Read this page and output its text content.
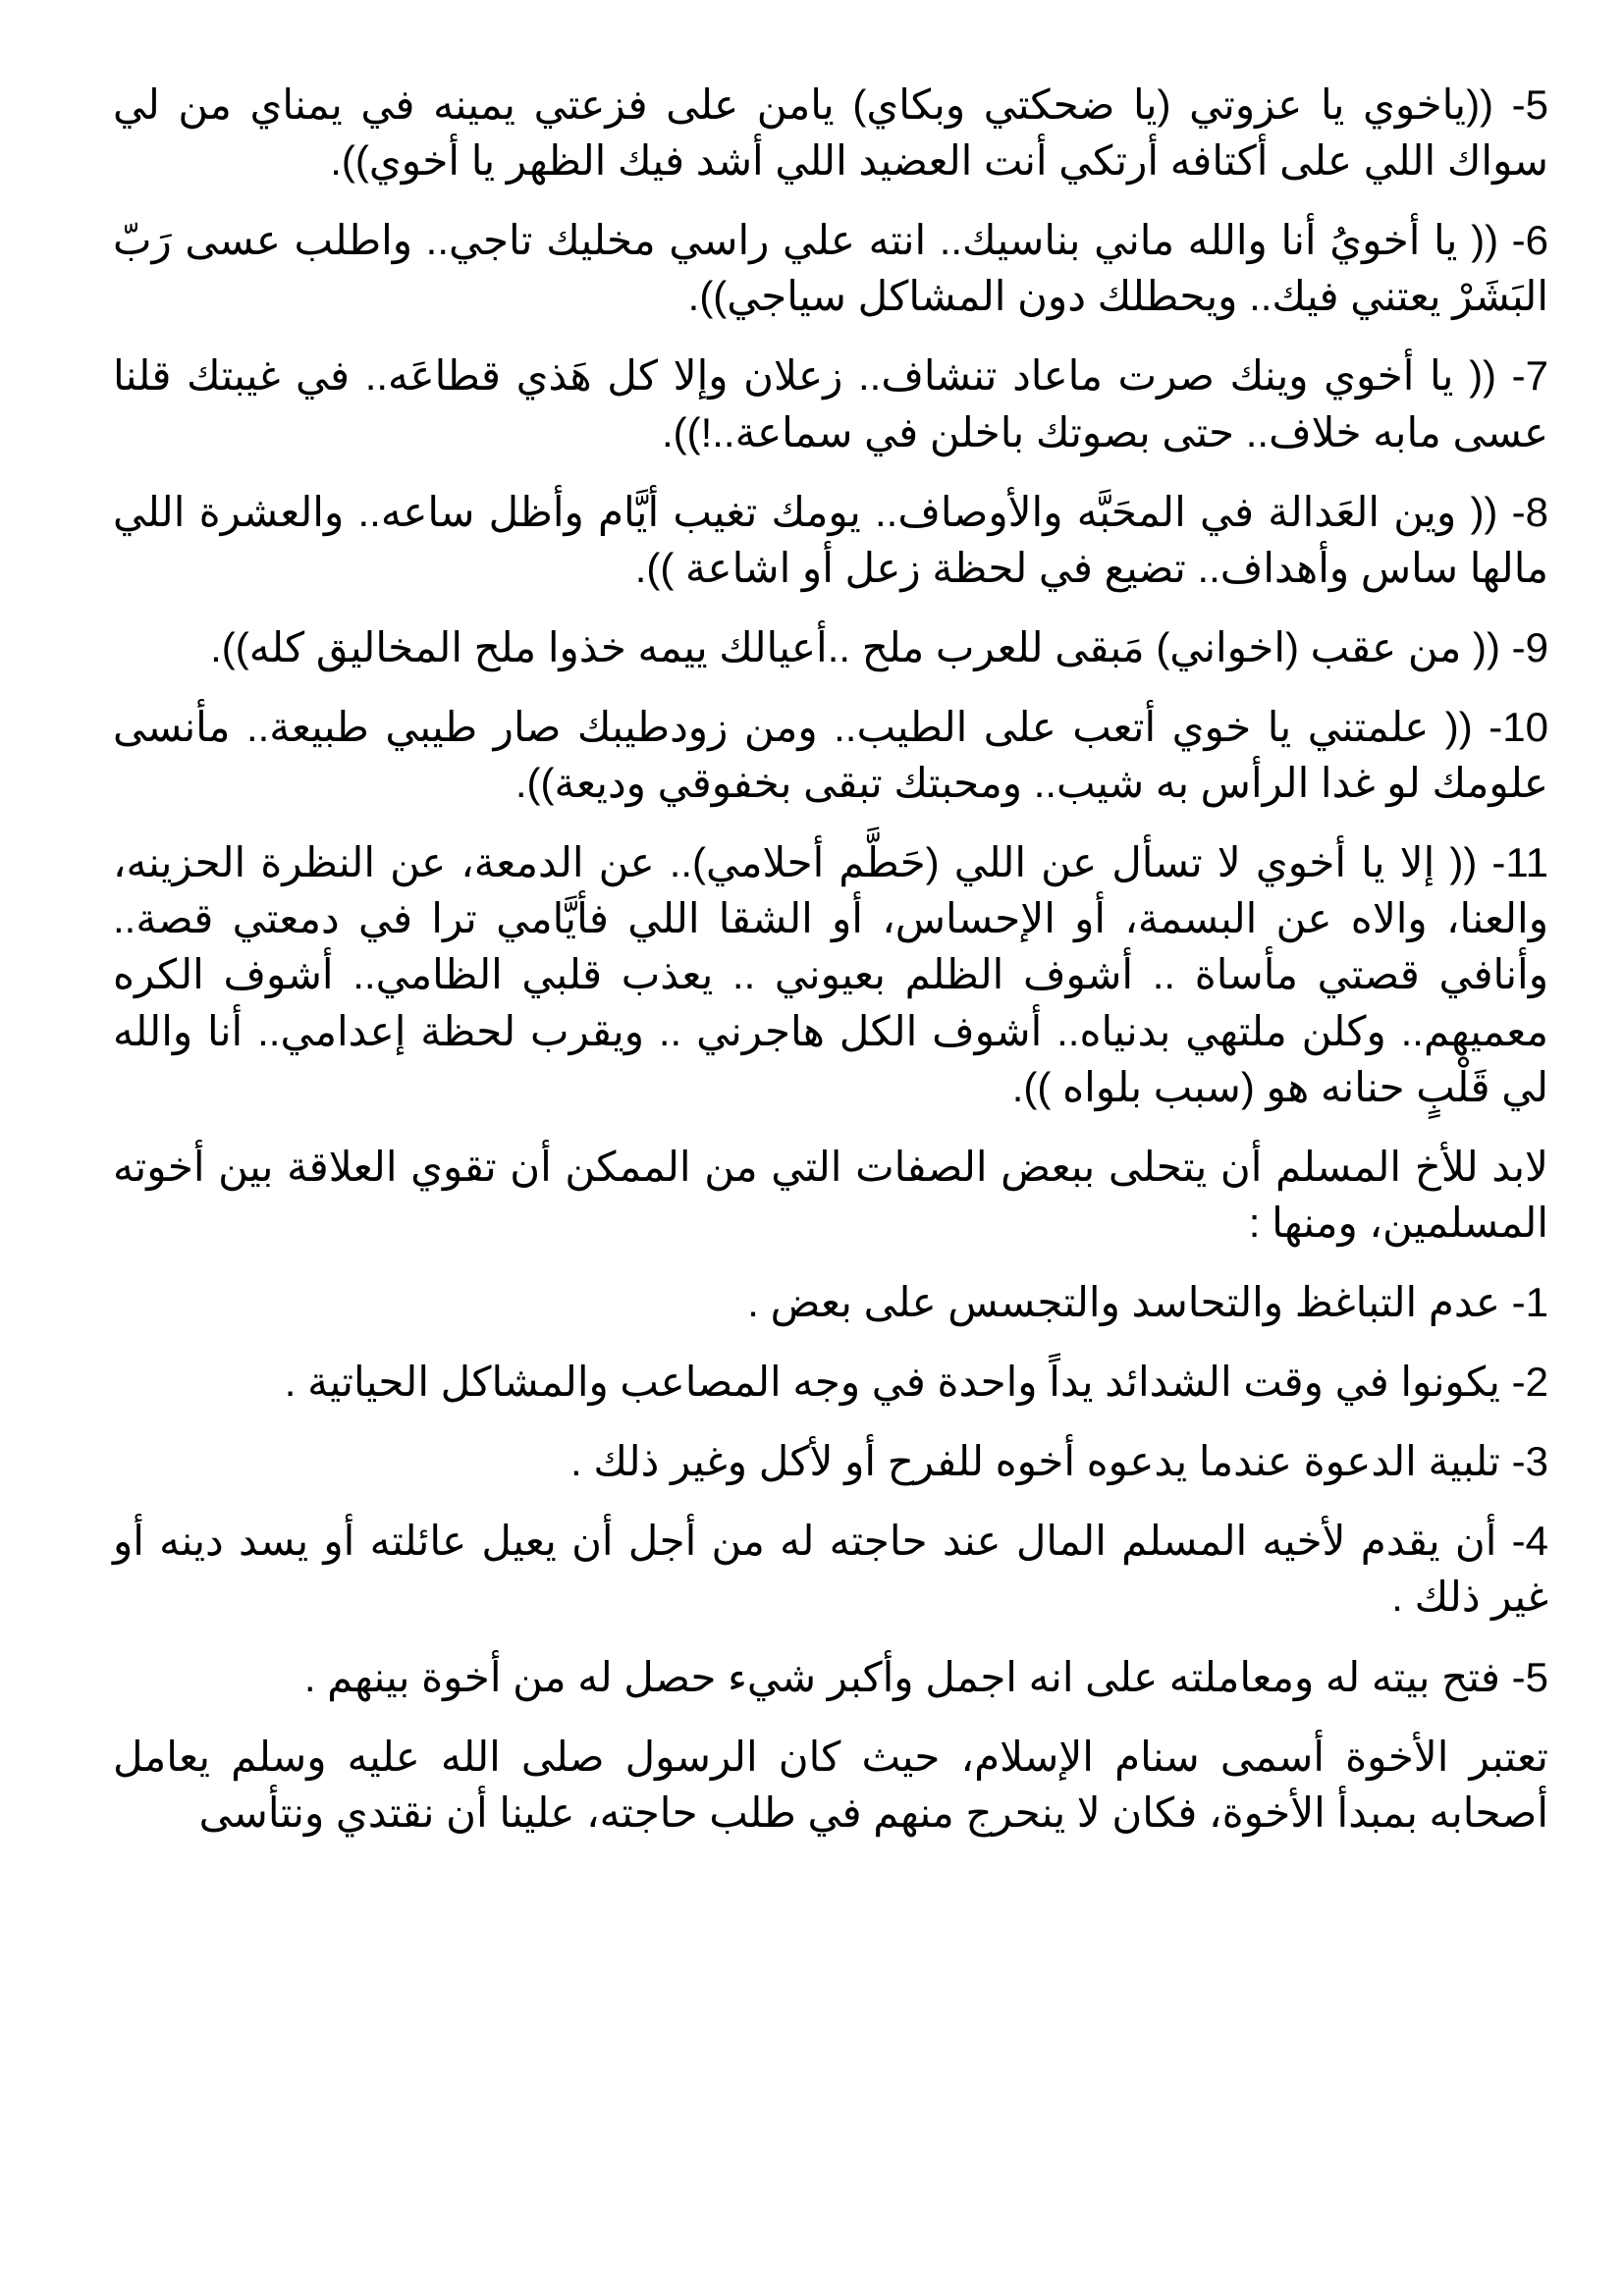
5- ((ياخوي يا عزوتي (يا ضحكتي وبكاي) يامن على فزعتي يمينه في يمناي من لي سواك اللي على أكتافه أرتكي أنت العضيد اللي أشد فيك الظهر يا أخوي)).

6- (( يا أخويُ أنا والله ماني بناسيك.. انته علي راسي مخليك تاجي.. واطلب عسى رَبّ البَشَرْ يعتني فيك.. ويحطلك دون المشاكل سياجي)).

7- (( يا أخوي وينك صرت ماعاد تنشاف.. زعلان وإلا كل هَذي قطاعَه.. في غيبتك قلنا عسى مابه خلاف.. حتى بصوتك باخلن في سماعة..!)).

8- (( وين العَدالة في المحَبَّه والأوصاف.. يومك تغيب أيَّام وأظل ساعه.. والعشرة اللي مالها ساس وأهداف.. تضيع في لحظة زعل أو اشاعة )).

9- (( من عقب (اخواني) مَبقى للعرب ملح ..أعيالك ييمه خذوا ملح المخاليق كله)).

10- (( علمتني يا خوي أتعب على الطيب.. ومن زودطيبك صار طيبي طبيعة.. مأنسى علومك لو غدا الرأس به شيب.. ومحبتك تبقى بخفوقي وديعة)).

11- (( إلا يا أخوي لا تسأل عن اللي (حَطَّم أحلامي).. عن الدمعة، عن النظرة الحزينه، والعنا، والاه عن البسمة، أو الإحساس، أو الشقا اللي فأيَّامي ترا في دمعتي قصة.. وأنافي قصتي مأساة .. أشوف الظلم بعيوني .. يعذب قلبي الظامي.. أشوف الكره معميهم.. وكلن ملتهي بدنياه.. أشوف الكل هاجرني .. ويقرب لحظة إعدامي.. أنا والله لي قَلْبٍ حنانه هو (سبب بلواه )).

لابد للأخ المسلم أن يتحلى ببعض الصفات التي من الممكن أن تقوي العلاقة بين أخوته المسلمين، ومنها :

1- عدم التباغظ والتحاسد والتجسس على بعض .

2- يكونوا في وقت الشدائد يداً واحدة في وجه المصاعب والمشاكل الحياتية .

3- تلبية الدعوة عندما يدعوه أخوه للفرح أو لأكل وغير ذلك .

4- أن يقدم لأخيه المسلم المال عند حاجته له من أجل أن يعيل عائلته أو يسد دينه أو غير ذلك .

5- فتح بيته له ومعاملته على انه اجمل وأكبر شيء حصل له من أخوة بينهم .

تعتبر الأخوة أسمى سنام الإسلام، حيث كان الرسول صلى الله عليه وسلم يعامل أصحابه بمبدأ الأخوة، فكان لا ينحرج منهم في طلب حاجته، علينا أن نقتدي ونتأسى
